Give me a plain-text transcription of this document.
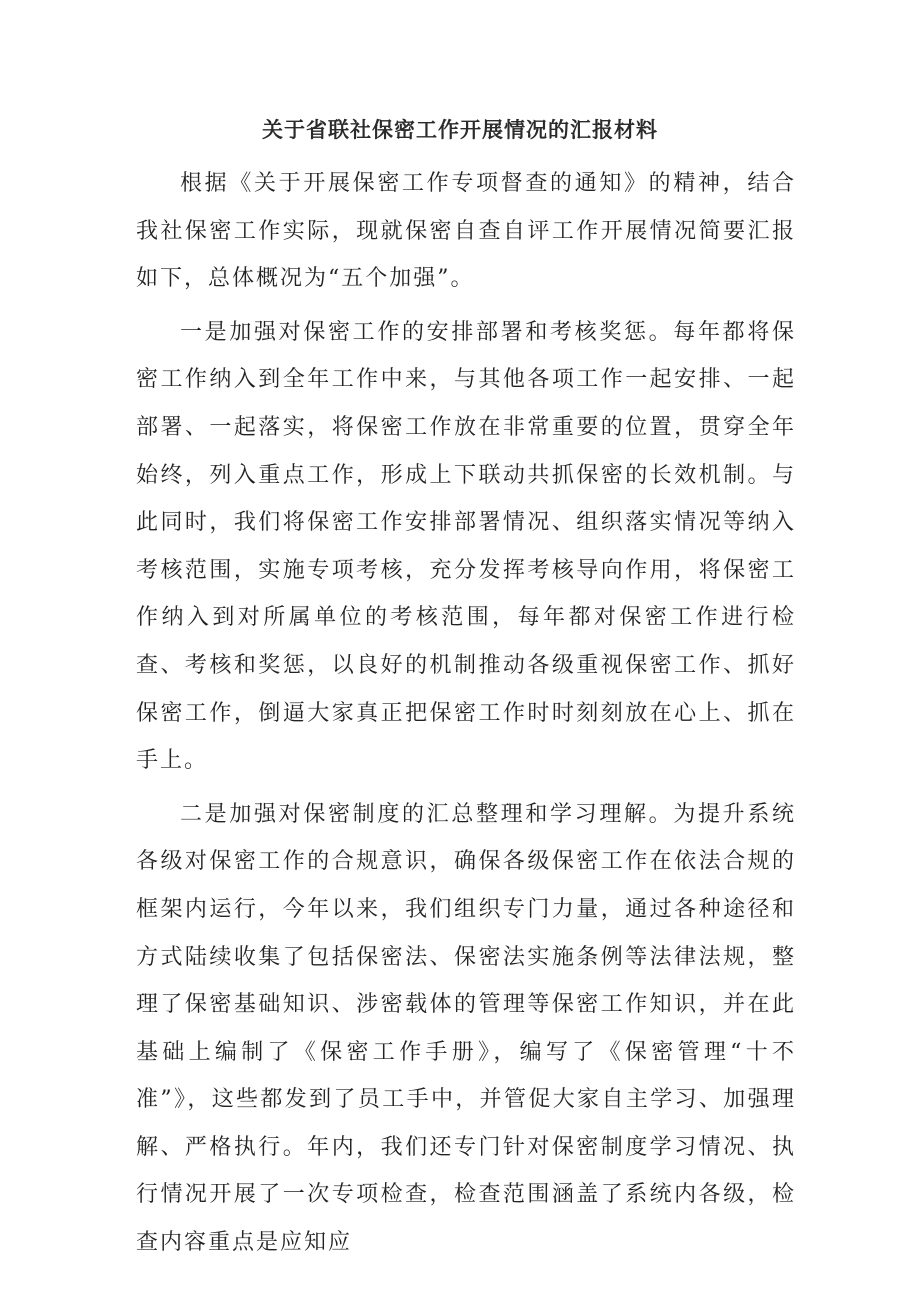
关于省联社保密工作开展情况的汇报材料

根据《关于开展保密工作专项督查的通知》的精神，结合我社保密工作实际，现就保密自查自评工作开展情况简要汇报如下，总体概况为“五个加强”。

一是加强对保密工作的安排部署和考核奖惩。每年都将保密工作纳入到全年工作中来，与其他各项工作一起安排、一起部署、一起落实，将保密工作放在非常重要的位置，贯穿全年始终，列入重点工作，形成上下联动共抓保密的长效机制。与此同时，我们将保密工作安排部署情况、组织落实情况等纳入考核范围，实施专项考核，充分发挥考核导向作用，将保密工作纳入到对所属单位的考核范围，每年都对保密工作进行检查、考核和奖惩，以良好的机制推动各级重视保密工作、抓好保密工作，倒逼大家真正把保密工作时时刻刻放在心上、抓在手上。

二是加强对保密制度的汇总整理和学习理解。为提升系统各级对保密工作的合规意识，确保各级保密工作在依法合规的框架内运行，今年以来，我们组织专门力量，通过各种途径和方式陆续收集了包括保密法、保密法实施条例等法律法规，整理了保密基础知识、涉密载体的管理等保密工作知识，并在此基础上编制了《保密工作手册》，编写了《保密管理“十不准”》，这些都发到了员工手中，并管促大家自主学习、加强理解、严格执行。年内，我们还专门针对保密制度学习情况、执行情况开展了一次专项检查，检查范围涵盖了系统内各级，检查内容重点是应知应
